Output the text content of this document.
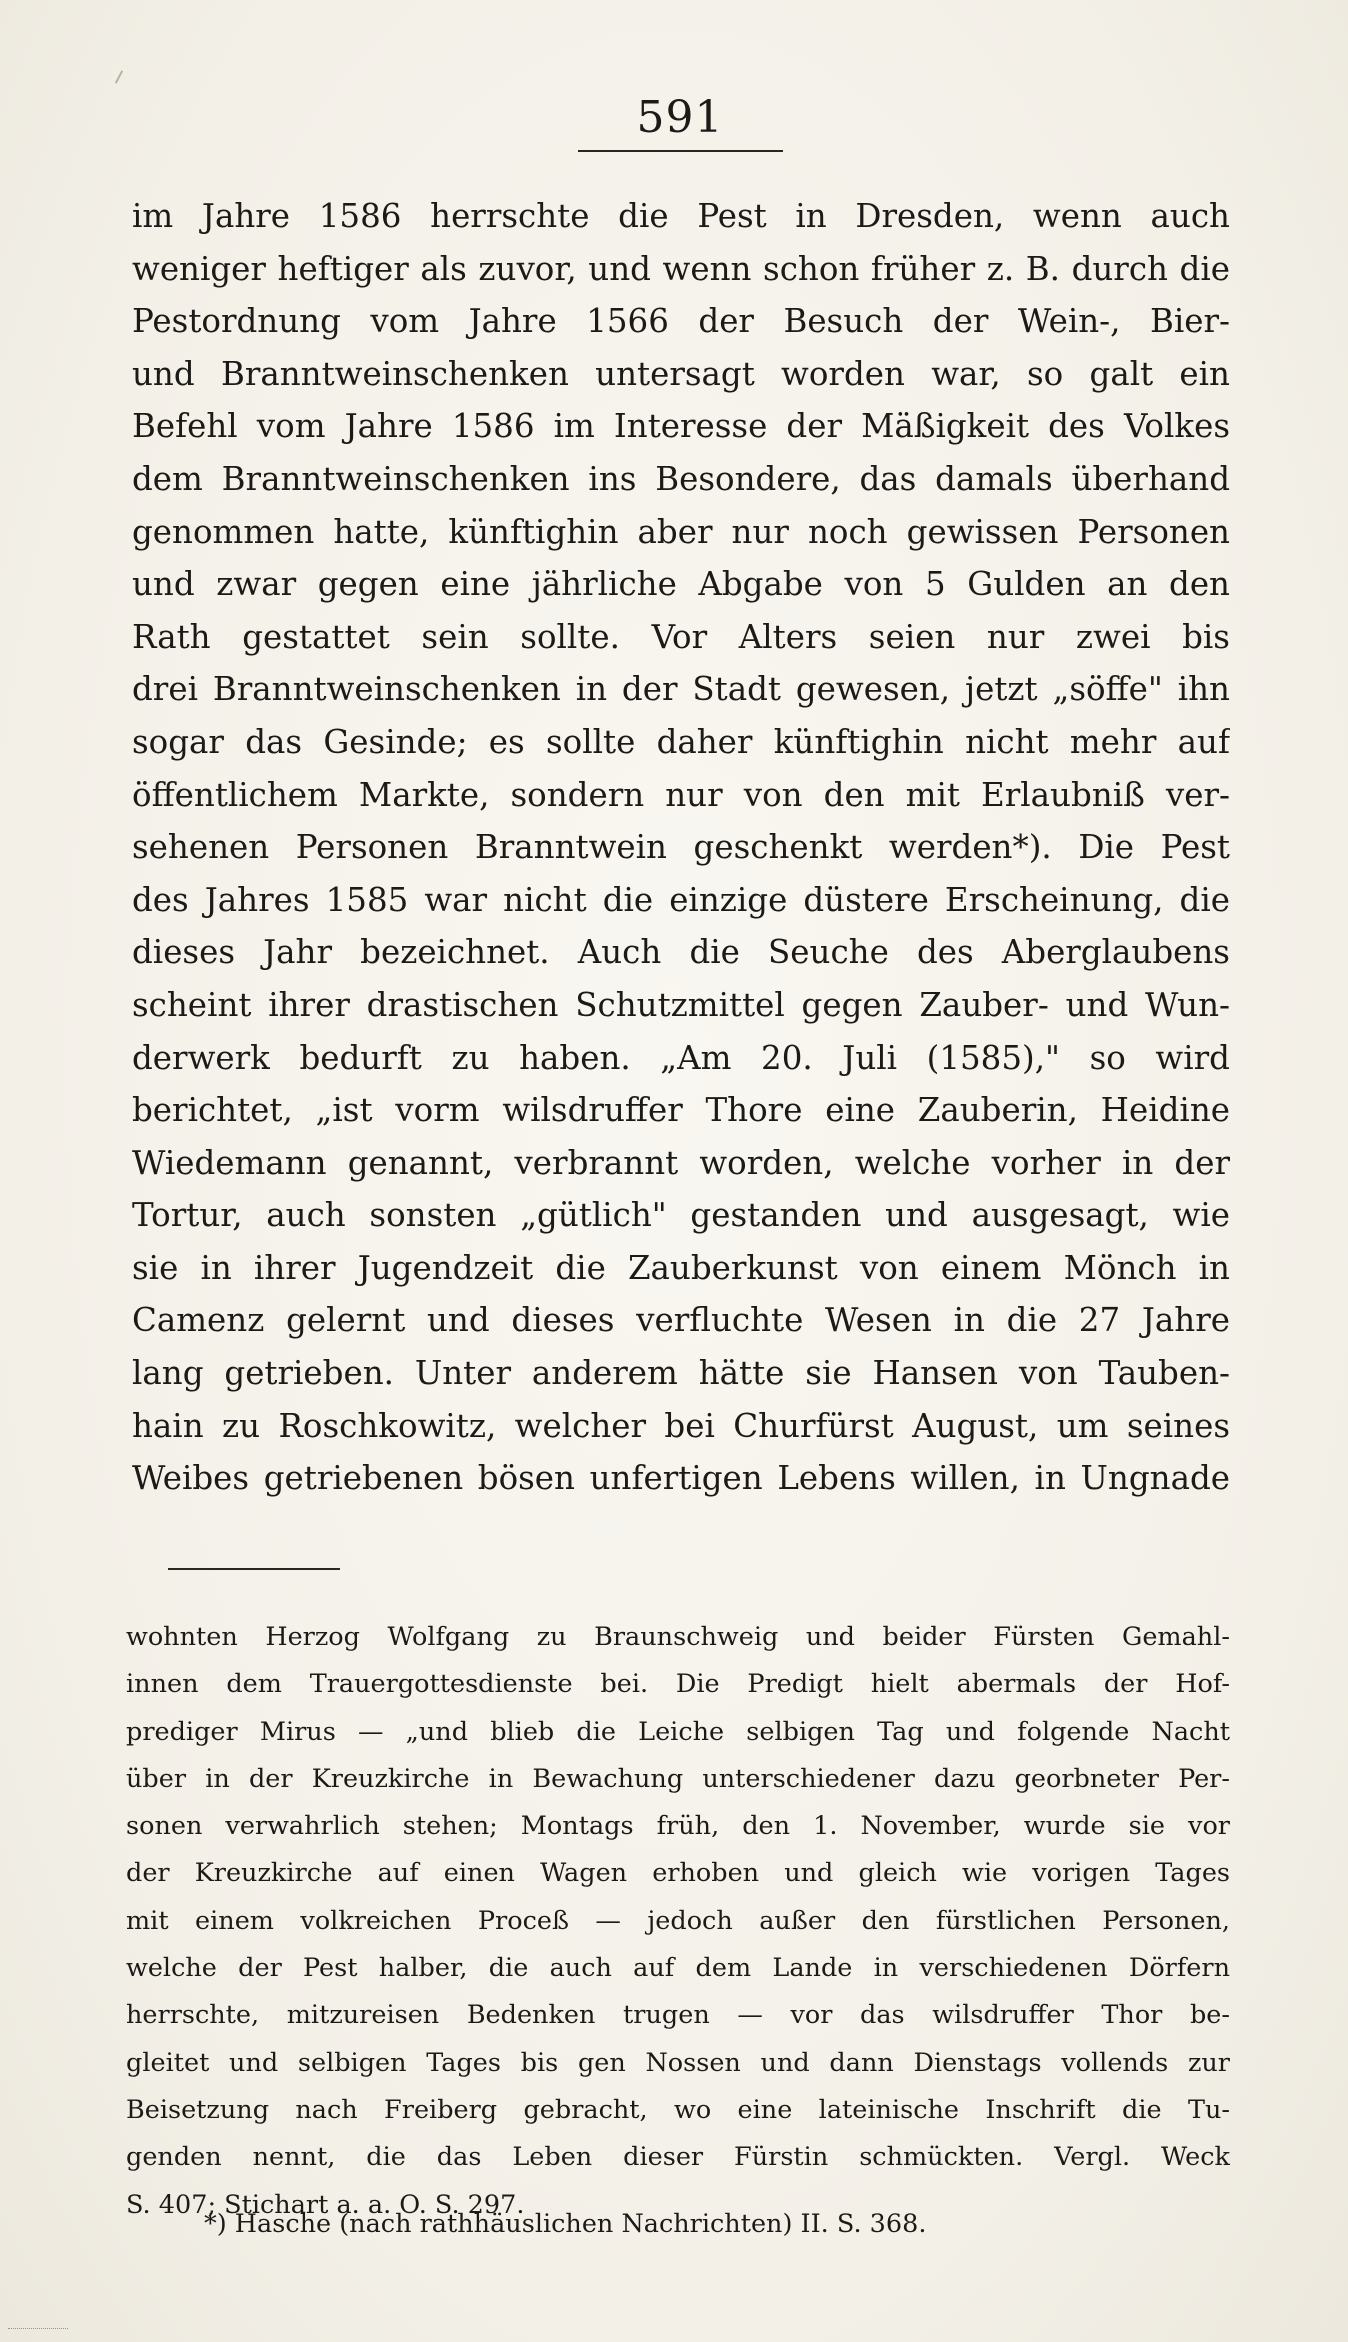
591
im Jahre 1586 herrschte die Pest in Dresden, wenn auch
weniger heftiger als zuvor, und wenn schon früher z. B. durch die
Pestordnung vom Jahre 1566 der Besuch der Wein-, Bier-
und Branntweinschenken untersagt worden war, so galt ein
Befehl vom Jahre 1586 im Interesse der Mäßigkeit des Volkes
dem Branntweinschenken ins Besondere, das damals überhand
genommen hatte, künftighin aber nur noch gewissen Personen
und zwar gegen eine jährliche Abgabe von 5 Gulden an den
Rath gestattet sein sollte. Vor Alters seien nur zwei bis
drei Branntweinschenken in der Stadt gewesen, jetzt „söffe" ihn
sogar das Gesinde; es sollte daher künftighin nicht mehr auf
öffentlichem Markte, sondern nur von den mit Erlaubniß ver-
sehenen Personen Branntwein geschenkt werden*). Die Pest
des Jahres 1585 war nicht die einzige düstere Erscheinung, die
dieses Jahr bezeichnet. Auch die Seuche des Aberglaubens
scheint ihrer drastischen Schutzmittel gegen Zauber- und Wun-
derwerk bedurft zu haben. „Am 20. Juli (1585)," so wird
berichtet, „ist vorm wilsdruffer Thore eine Zauberin, Heidine
Wiedemann genannt, verbrannt worden, welche vorher in der
Tortur, auch sonsten „gütlich" gestanden und ausgesagt, wie
sie in ihrer Jugendzeit die Zauberkunst von einem Mönch in
Camenz gelernt und dieses verfluchte Wesen in die 27 Jahre
lang getrieben. Unter anderem hätte sie Hansen von Tauben-
hain zu Roschkowitz, welcher bei Churfürst August, um seines
Weibes getriebenen bösen unfertigen Lebens willen, in Ungnade
wohnten Herzog Wolfgang zu Braunschweig und beider Fürsten Gemahl-
innen dem Trauergottesdienste bei. Die Predigt hielt abermals der Hof-
prediger Mirus — „und blieb die Leiche selbigen Tag und folgende Nacht
über in der Kreuzkirche in Bewachung unterschiedener dazu georbneter Per-
sonen verwahrlich stehen; Montags früh, den 1. November, wurde sie vor
der Kreuzkirche auf einen Wagen erhoben und gleich wie vorigen Tages
mit einem volkreichen Proceß — jedoch außer den fürstlichen Personen,
welche der Pest halber, die auch auf dem Lande in verschiedenen Dörfern
herrschte, mitzureisen Bedenken trugen — vor das wilsdruffer Thor be-
gleitet und selbigen Tages bis gen Nossen und dann Dienstags vollends zur
Beisetzung nach Freiberg gebracht, wo eine lateinische Inschrift die Tu-
genden nennt, die das Leben dieser Fürstin schmückten. Vergl. Weck
S. 407; Stichart a. a. O. S. 297.
*) Hasche (nach rathhäuslichen Nachrichten) II. S. 368.
